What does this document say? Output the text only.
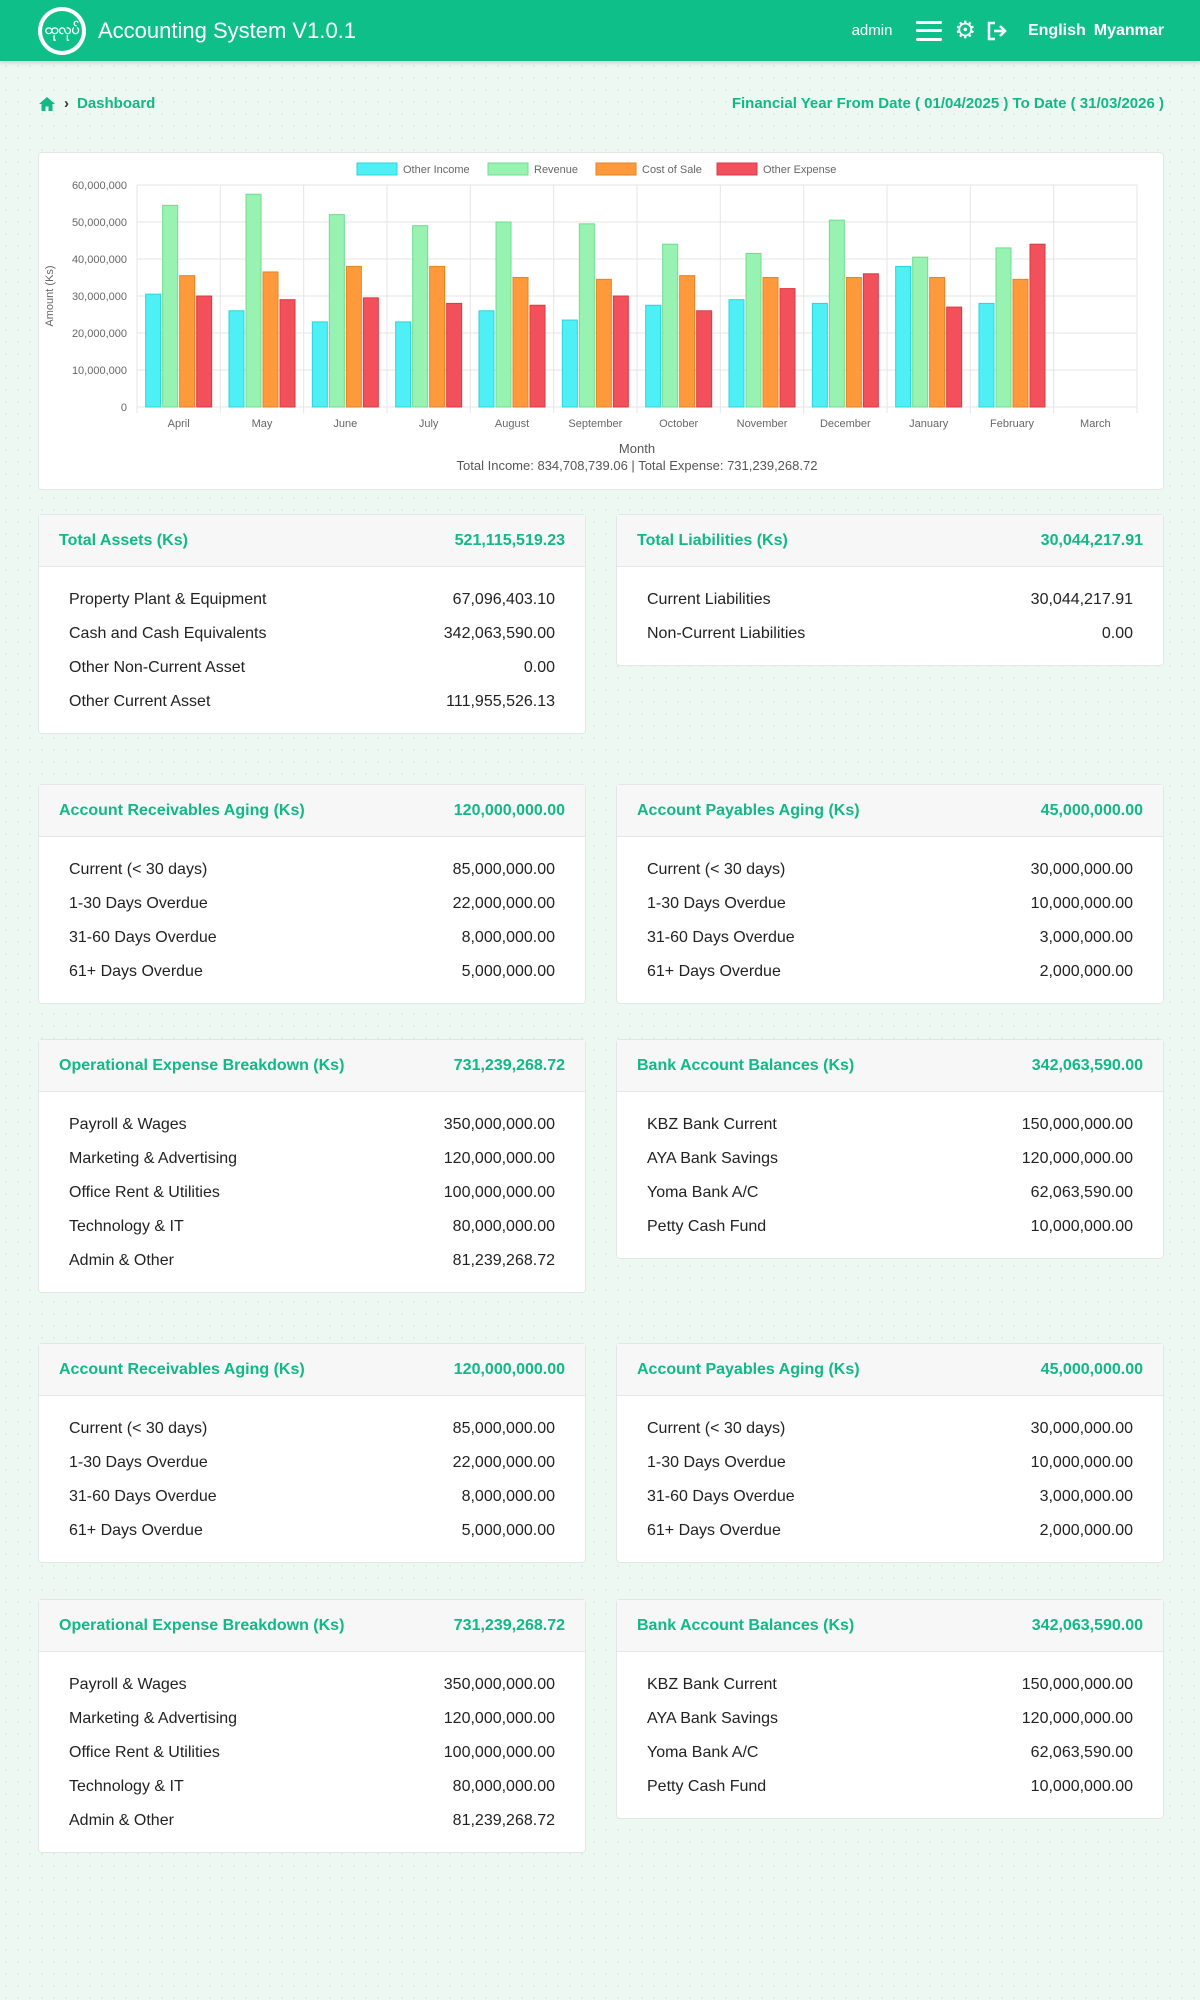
ထုလုပ် Accounting System V1.0.1	admin	⚙	English Myanmar
› Dashboard	Financial Year From Date ( 01/04/2025 ) To Date ( 31/03/2026 )
0
10,000,000
20,000,000
30,000,000
40,000,000
50,000,000
60,000,000
April	May	June	July	August	September	October	November	December	January	February	March
Amount (Ks)
Month
Total Income: 834,708,739.06 | Total Expense: 731,239,268.72
Other Income	Revenue	Cost of Sale	Other Expense
Total Assets (Ks)	521,115,519.23
Property Plant & Equipment	67,096,403.10
Cash and Cash Equivalents	342,063,590.00
Other Non-Current Asset	0.00
Other Current Asset	111,955,526.13
Total Liabilities (Ks)	30,044,217.91
Current Liabilities	30,044,217.91
Non-Current Liabilities	0.00
Account Receivables Aging (Ks)	120,000,000.00
Current (< 30 days)	85,000,000.00
1-30 Days Overdue	22,000,000.00
31-60 Days Overdue	8,000,000.00
61+ Days Overdue	5,000,000.00
Account Payables Aging (Ks)	45,000,000.00
Current (< 30 days)	30,000,000.00
1-30 Days Overdue	10,000,000.00
31-60 Days Overdue	3,000,000.00
61+ Days Overdue	2,000,000.00
Operational Expense Breakdown (Ks)	731,239,268.72
Payroll & Wages	350,000,000.00
Marketing & Advertising	120,000,000.00
Office Rent & Utilities	100,000,000.00
Technology & IT	80,000,000.00
Admin & Other	81,239,268.72
Bank Account Balances (Ks)	342,063,590.00
KBZ Bank Current	150,000,000.00
AYA Bank Savings	120,000,000.00
Yoma Bank A/C	62,063,590.00
Petty Cash Fund	10,000,000.00
Account Receivables Aging (Ks)	120,000,000.00
Current (< 30 days)	85,000,000.00
1-30 Days Overdue	22,000,000.00
31-60 Days Overdue	8,000,000.00
61+ Days Overdue	5,000,000.00
Account Payables Aging (Ks)	45,000,000.00
Current (< 30 days)	30,000,000.00
1-30 Days Overdue	10,000,000.00
31-60 Days Overdue	3,000,000.00
61+ Days Overdue	2,000,000.00
Operational Expense Breakdown (Ks)	731,239,268.72
Payroll & Wages	350,000,000.00
Marketing & Advertising	120,000,000.00
Office Rent & Utilities	100,000,000.00
Technology & IT	80,000,000.00
Admin & Other	81,239,268.72
Bank Account Balances (Ks)	342,063,590.00
KBZ Bank Current	150,000,000.00
AYA Bank Savings	120,000,000.00
Yoma Bank A/C	62,063,590.00
Petty Cash Fund	10,000,000.00
